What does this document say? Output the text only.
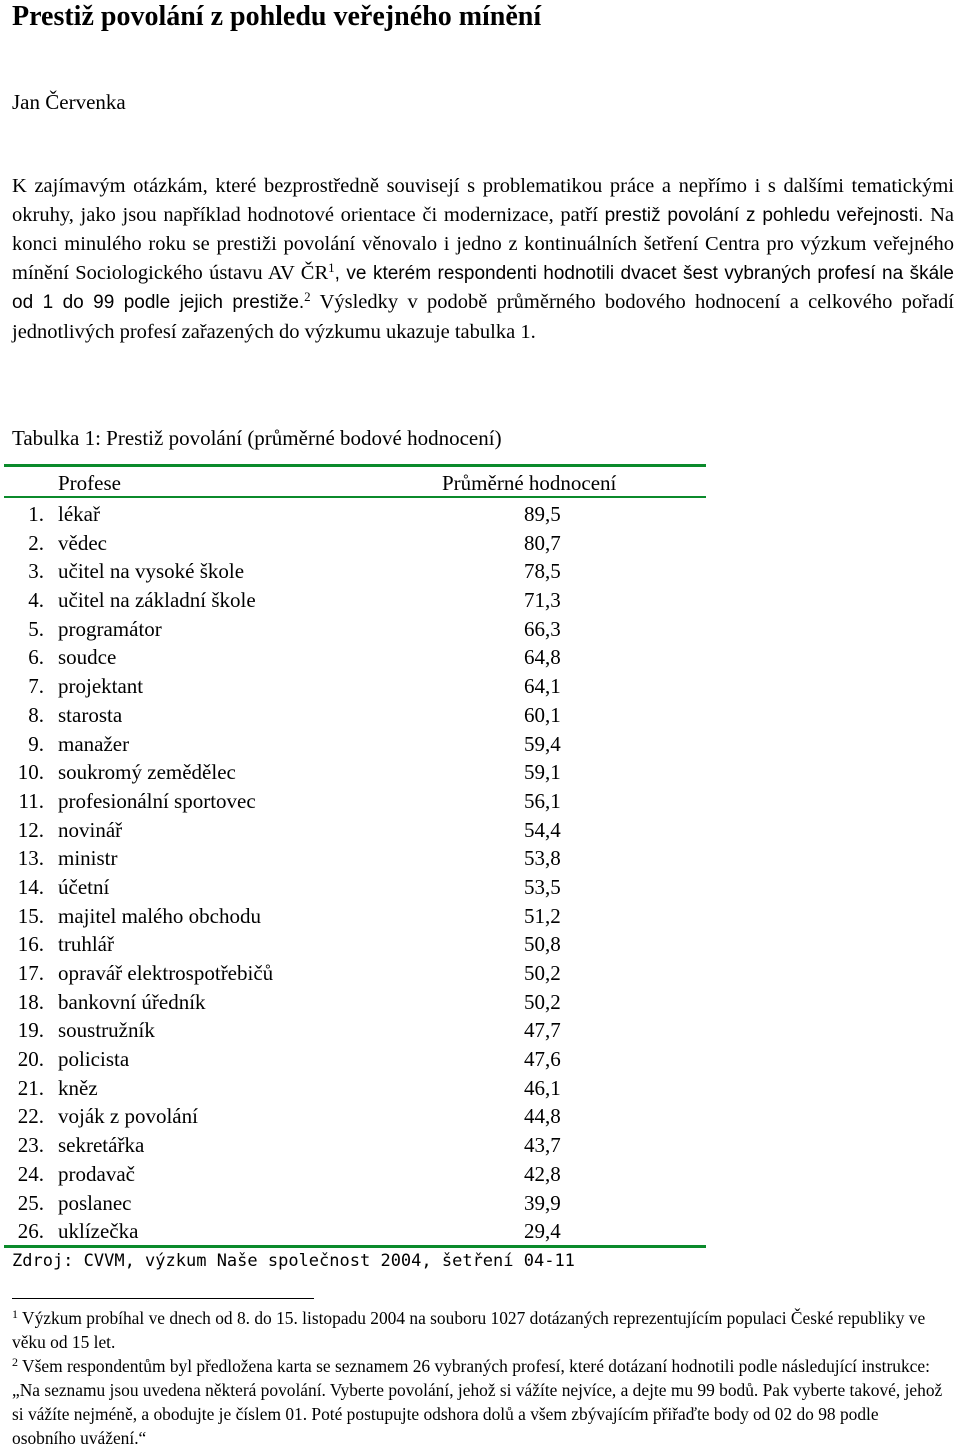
Prestiž povolání z pohledu veřejného mínění
Jan Červenka
K zajímavým otázkám, které bezprostředně souvisejí s problematikou práce a nepřímo i s dalšími tematickými okruhy, jako jsou například hodnotové orientace či modernizace, patří prestiž povolání z pohledu veřejnosti. Na konci minulého roku se prestiži povolání věnovalo i jedno z kontinuálních šetření Centra pro výzkum veřejného mínění Sociologického ústavu AV $ČR^1$, ve kterém respondenti hodnotili dvacet šest vybraných profesí na škále od 1 do 99 podle jejich prestiže.$^2$ Výsledky v podobě průměrného bodového hodnocení a celkového pořadí jednotlivých profesí zařazených do výzkumu ukazuje tabulka 1.
Tabulka 1: Prestiž povolání (průměrné bodové hodnocení)
Profese	Průměrné hodnocení
1. lékař	89,5
2. vědec	80,7
3. učitel na vysoké škole	78,5
4. učitel na základní škole	71,3
5. programátor	66,3
6. soudce	64,8
7. projektant	64,1
8. starosta	60,1
9. manažer	59,4
10. soukromý zemědělec	59,1
11. profesionální sportovec	56,1
12. novinář	54,4
13. ministr	53,8
14. účetní	53,5
15. majitel malého obchodu	51,2
16. truhlář	50,8
17. opravář elektrospotřebičů	50,2
18. bankovní úředník	50,2
19. soustružník	47,7
20. policista	47,6
21. kněz	46,1
22. voják z povolání	44,8
23. sekretářka	43,7
24. prodavač	42,8
25. poslanec	39,9
26. uklízečka	29,4
Zdroj: CVVM, výzkum Naše společnost 2004, šetření 04-11

$^1$ Výzkum probíhal ve dnech od 8. do 15. listopadu 2004 na souboru 1027 dotázaných reprezentujícím populaci České republiky ve věku od 15 let.

$^2$ Všem respondentům byl předložena karta se seznamem 26 vybraných profesí, které dotázaní hodnotili podle následující instrukce: „Na seznamu jsou uvedena některá povolání. Vyberte povolání, jehož si vážíte nejvíce, a dejte mu 99 bodů. Pak vyberte takové, jehož si vážíte nejméně, a obodujte je číslem 01. Poté postupujte odshora dolů a všem zbývajícím přiřaďte body od 02 do 98 podle osobního uvážení.“
